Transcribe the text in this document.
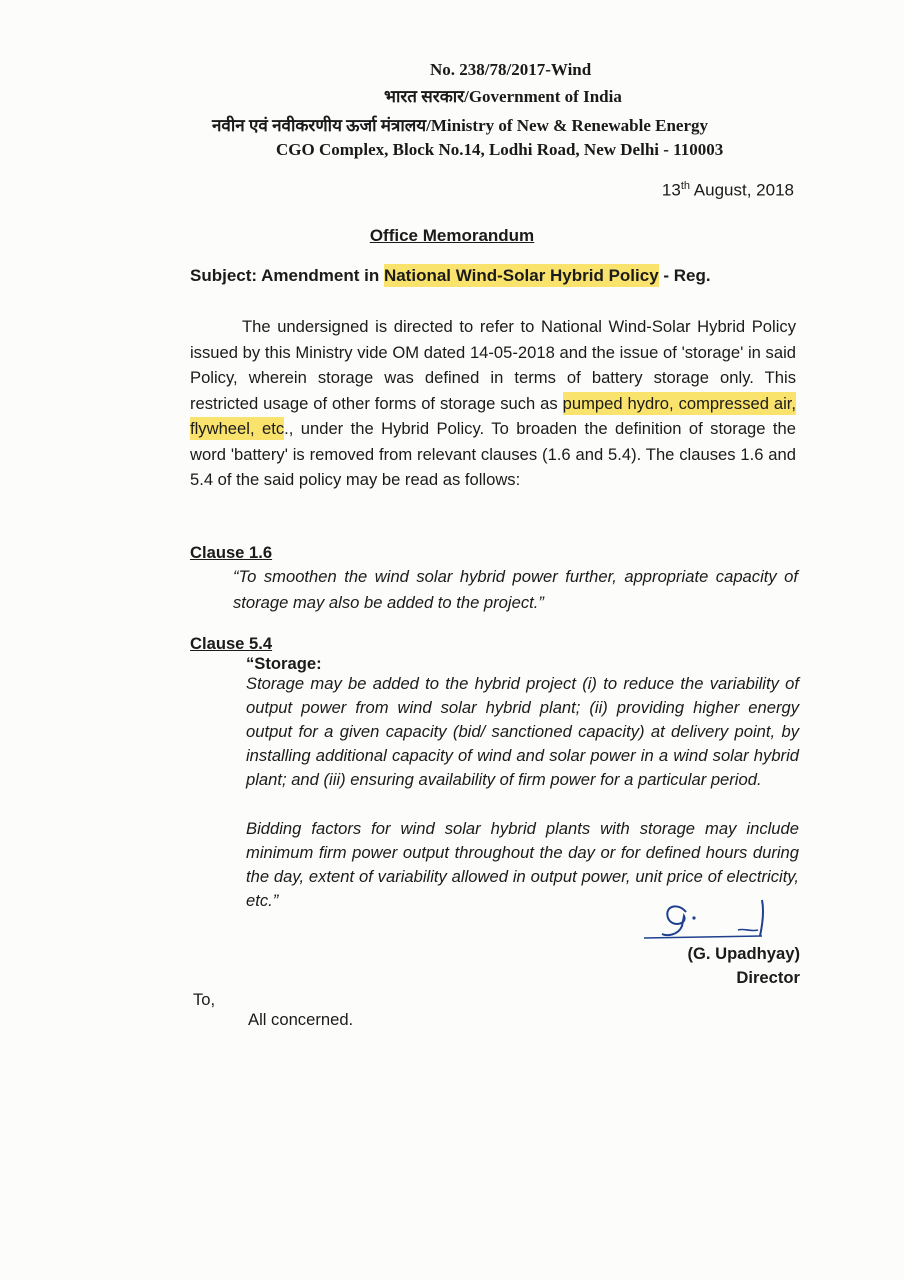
No. 238/78/2017-Wind
भारत सरकार/Government of India
नवीन एवं नवीकरणीय ऊर्जा मंत्रालय/Ministry of New & Renewable Energy
CGO Complex, Block No.14, Lodhi Road, New Delhi - 110003
13th August, 2018
Office Memorandum
Subject: Amendment in National Wind-Solar Hybrid Policy - Reg.

The undersigned is directed to refer to National Wind-Solar Hybrid Policy issued by this Ministry vide OM dated 14-05-2018 and the issue of 'storage' in said Policy, wherein storage was defined in terms of battery storage only. This restricted usage of other forms of storage such as pumped hydro, compressed air, flywheel, etc., under the Hybrid Policy. To broaden the definition of storage the word 'battery' is removed from relevant clauses (1.6 and 5.4). The clauses 1.6 and 5.4 of the said policy may be read as follows:

Clause 1.6
“To smoothen the wind solar hybrid power further, appropriate capacity of storage may also be added to the project.”
Clause 5.4
“Storage:
Storage may be added to the hybrid project (i) to reduce the variability of output power from wind solar hybrid plant; (ii) providing higher energy output for a given capacity (bid/ sanctioned capacity) at delivery point, by installing additional capacity of wind and solar power in a wind solar hybrid plant; and (iii) ensuring availability of firm power for a particular period.
Bidding factors for wind solar hybrid plants with storage may include minimum firm power output throughout the day or for defined hours during the day, extent of variability allowed in output power, unit price of electricity, etc.”
(G. Upadhyay)
Director
To,
All concerned.
